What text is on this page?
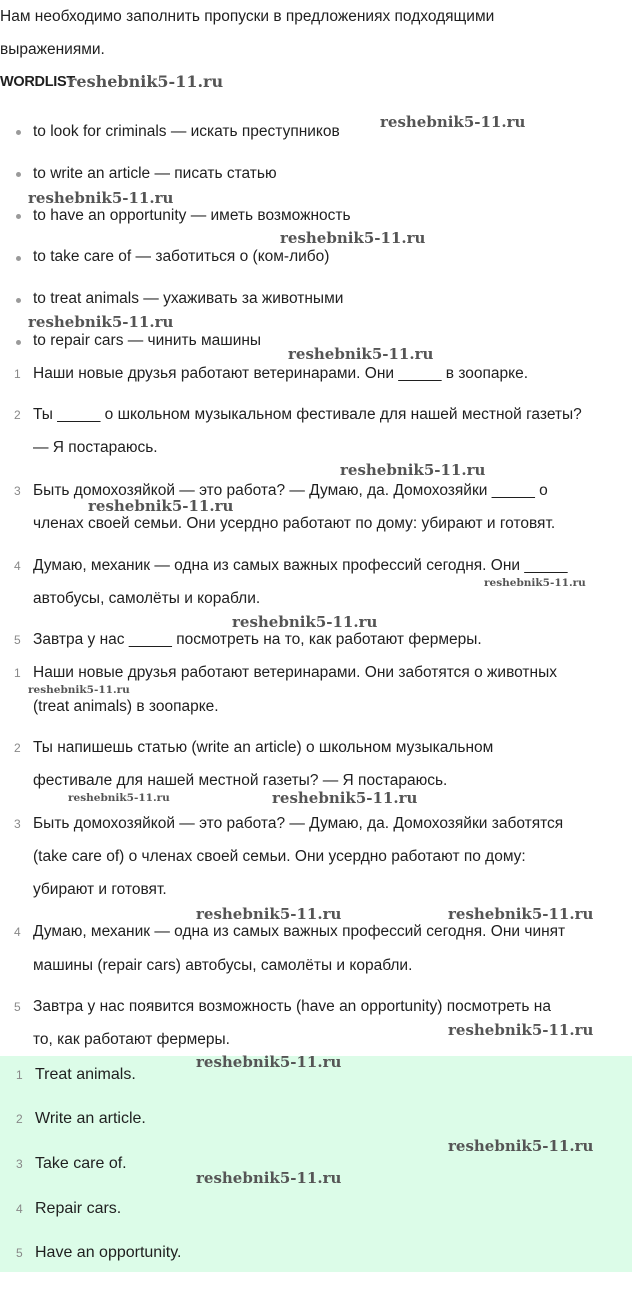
Нам необходимо заполнить пропуски в предложениях подходящими
выражениями.
WORDLIST
reshebnik5-11.ru
to look for criminals — искать преступников
to write an article — писать статью
to have an opportunity — иметь возможность
to take care of — заботиться о (ком-либо)
to treat animals — ухаживать за животными
to repair cars — чинить машины
1 Наши новые друзья работают ветеринарами. Они _____ в зоопарке.
2 Ты _____ о школьном музыкальном фестивале для нашей местной газеты?
— Я постараюсь.
3 Быть домохозяйкой — это работа? — Думаю, да. Домохозяйки _____ о
членах своей семьи. Они усердно работают по дому: убирают и готовят.
4 Думаю, механик — одна из самых важных профессий сегодня. Они _____
автобусы, самолёты и корабли.
5 Завтра у нас _____ посмотреть на то, как работают фермеры.
1 Наши новые друзья работают ветеринарами. Они заботятся о животных
(treat animals) в зоопарке.
2 Ты напишешь статью (write an article) о школьном музыкальном
фестивале для нашей местной газеты? — Я постараюсь.
3 Быть домохозяйкой — это работа? — Думаю, да. Домохозяйки заботятся
(take care of) о членах своей семьи. Они усердно работают по дому:
убирают и готовят.
4 Думаю, механик — одна из самых важных профессий сегодня. Они чинят
машины (repair cars) автобусы, самолёты и корабли.
5 Завтра у нас появится возможность (have an opportunity) посмотреть на
то, как работают фермеры.
1 Treat animals.
2 Write an article.
3 Take care of.
4 Repair cars.
5 Have an opportunity.
reshebnik5-11.ru
reshebnik5-11.ru
reshebnik5-11.ru
reshebnik5-11.ru
reshebnik5-11.ru
reshebnik5-11.ru
reshebnik5-11.ru
reshebnik5-11.ru
reshebnik5-11.ru
reshebnik5-11.ru
reshebnik5-11.ru	reshebnik5-11.ru
reshebnik5-11.ru	reshebnik5-11.ru
reshebnik5-11.ru
reshebnik5-11.ru
reshebnik5-11.ru
reshebnik5-11.ru
